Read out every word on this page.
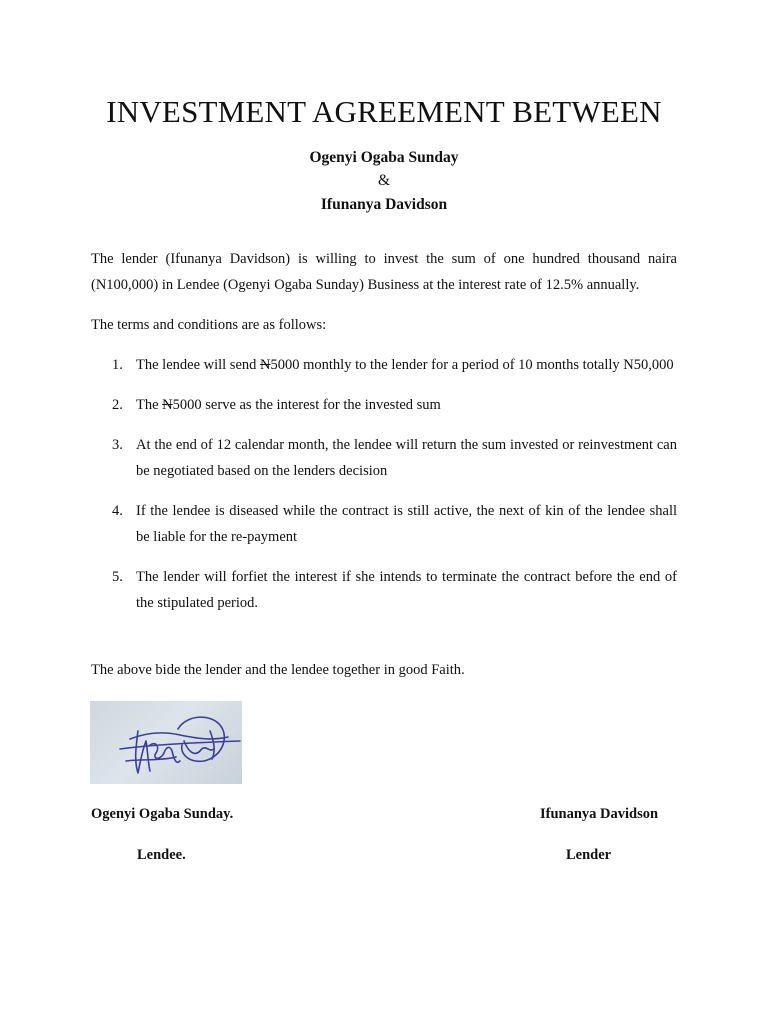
INVESTMENT AGREEMENT BETWEEN
Ogenyi Ogaba Sunday
&
Ifunanya Davidson
The lender (Ifunanya Davidson) is willing to invest the sum of one hundred thousand naira (N100,000) in Lendee (Ogenyi Ogaba Sunday) Business at the interest rate of 12.5% annually.
The terms and conditions are as follows:
1. The lendee will send N5000 monthly to the lender for a period of 10 months totally N50,000
2. The N5000 serve as the interest for the invested sum
3. At the end of 12 calendar month, the lendee will return the sum invested or reinvestment can be negotiated based on the lenders decision
4. If the lendee is diseased while the contract is still active, the next of kin of the lendee shall be liable for the re-payment
5. The lender will forfiet the interest if she intends to terminate the contract before the end of the stipulated period.
The above bide the lender and the lendee together in good Faith.
Ogenyi Ogaba Sunday.	Ifunanya Davidson
Lendee.	Lender
